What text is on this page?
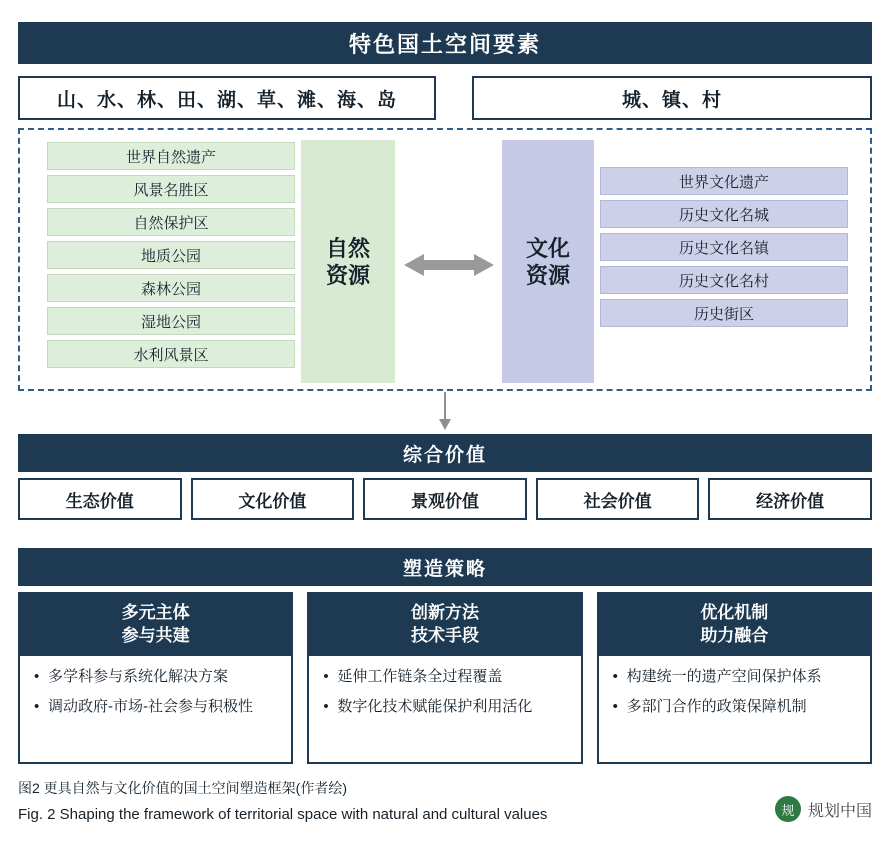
特色国土空间要素
山、水、林、田、湖、草、滩、海、岛	城、镇、村
自然
资源
文化
资源
世界自然遗产
风景名胜区
自然保护区
地质公园
森林公园
湿地公园
水利风景区
世界文化遗产
历史文化名城
历史文化名镇
历史文化名村
历史街区
综合价值
生态价值	文化价值	景观价值	社会价值	经济价值
塑造策略
多元主体
参与共建
• 多学科参与系统化解决方案
• 调动政府-市场-社会参与积极性
创新方法
技术手段
• 延伸工作链条全过程覆盖
• 数字化技术赋能保护利用活化
优化机制
助力融合
• 构建统一的遗产空间保护体系
• 多部门合作的政策保障机制
图2 更具自然与文化价值的国土空间塑造框架(作者绘)
Fig. 2 Shaping the framework of territorial space with natural and cultural values	规 规划中国
